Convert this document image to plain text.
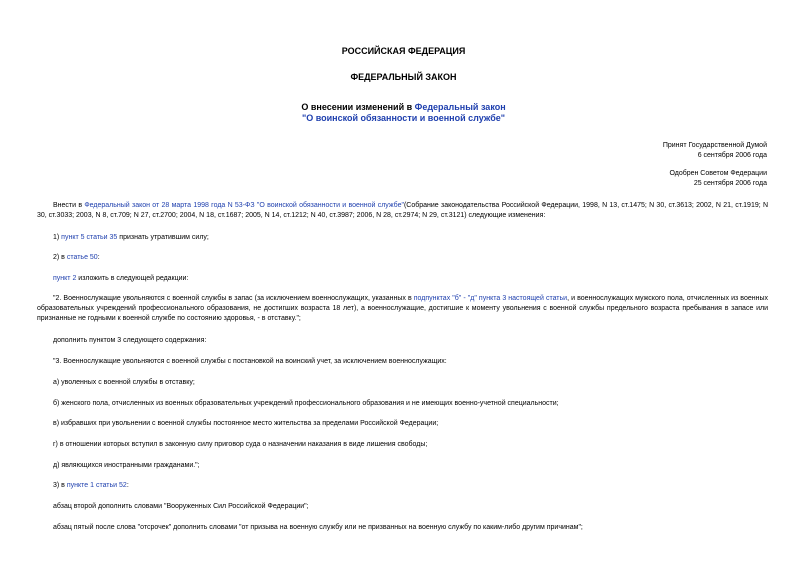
РОССИЙСКАЯ ФЕДЕРАЦИЯ
ФЕДЕРАЛЬНЫЙ ЗАКОН
О внесении изменений в Федеральный закон
"О воинской обязанности и военной службе"
Принят Государственной Думой
6 сентября 2006 года
Одобрен Советом Федерации
25 сентября 2006 года
Внести в Федеральный закон от 28 марта 1998 года N 53-ФЗ "О воинской обязанности и военной службе"(Собрание законодательства Российской Федерации, 1998, N 13, ст.1475; N 30, ст.3613; 2002, N 21, ст.1919; N 30, ст.3033; 2003, N 8, ст.709; N 27, ст.2700; 2004, N 18, ст.1687; 2005, N 14, ст.1212; N 40, ст.3987; 2006, N 28, ст.2974; N 29, ст.3121) следующие изменения:
1) пункт 5 статьи 35 признать утратившим силу;
2) в статье 50:
пункт 2 изложить в следующей редакции:
"2. Военнослужащие увольняются с военной службы в запас (за исключением военнослужащих, указанных в подпунктах "б" - "д" пункта 3 настоящей статьи, и военнослужащих мужского пола, отчисленных из военных образовательных учреждений профессионального образования, не достигших возраста 18 лет), а военнослужащие, достигшие к моменту увольнения с военной службы предельного возраста пребывания в запасе или признанные не годными к военной службе по состоянию здоровья, - в отставку.";
дополнить пунктом 3 следующего содержания:
"3. Военнослужащие увольняются с военной службы с постановкой на воинский учет, за исключением военнослужащих:
а) уволенных с военной службы в отставку;
б) женского пола, отчисленных из военных образовательных учреждений профессионального образования и не имеющих военно-учетной специальности;
в) избравших при увольнении с военной службы постоянное место жительства за пределами Российской Федерации;
г) в отношении которых вступил в законную силу приговор суда о назначении наказания в виде лишения свободы;
д) являющихся иностранными гражданами.";
3) в пункте 1 статьи 52:
абзац второй дополнить словами "Вооруженных Сил Российской Федерации";
абзац пятый после слова "отсрочек" дополнить словами "от призыва на военную службу или не призванных на военную службу по каким-либо другим причинам";
